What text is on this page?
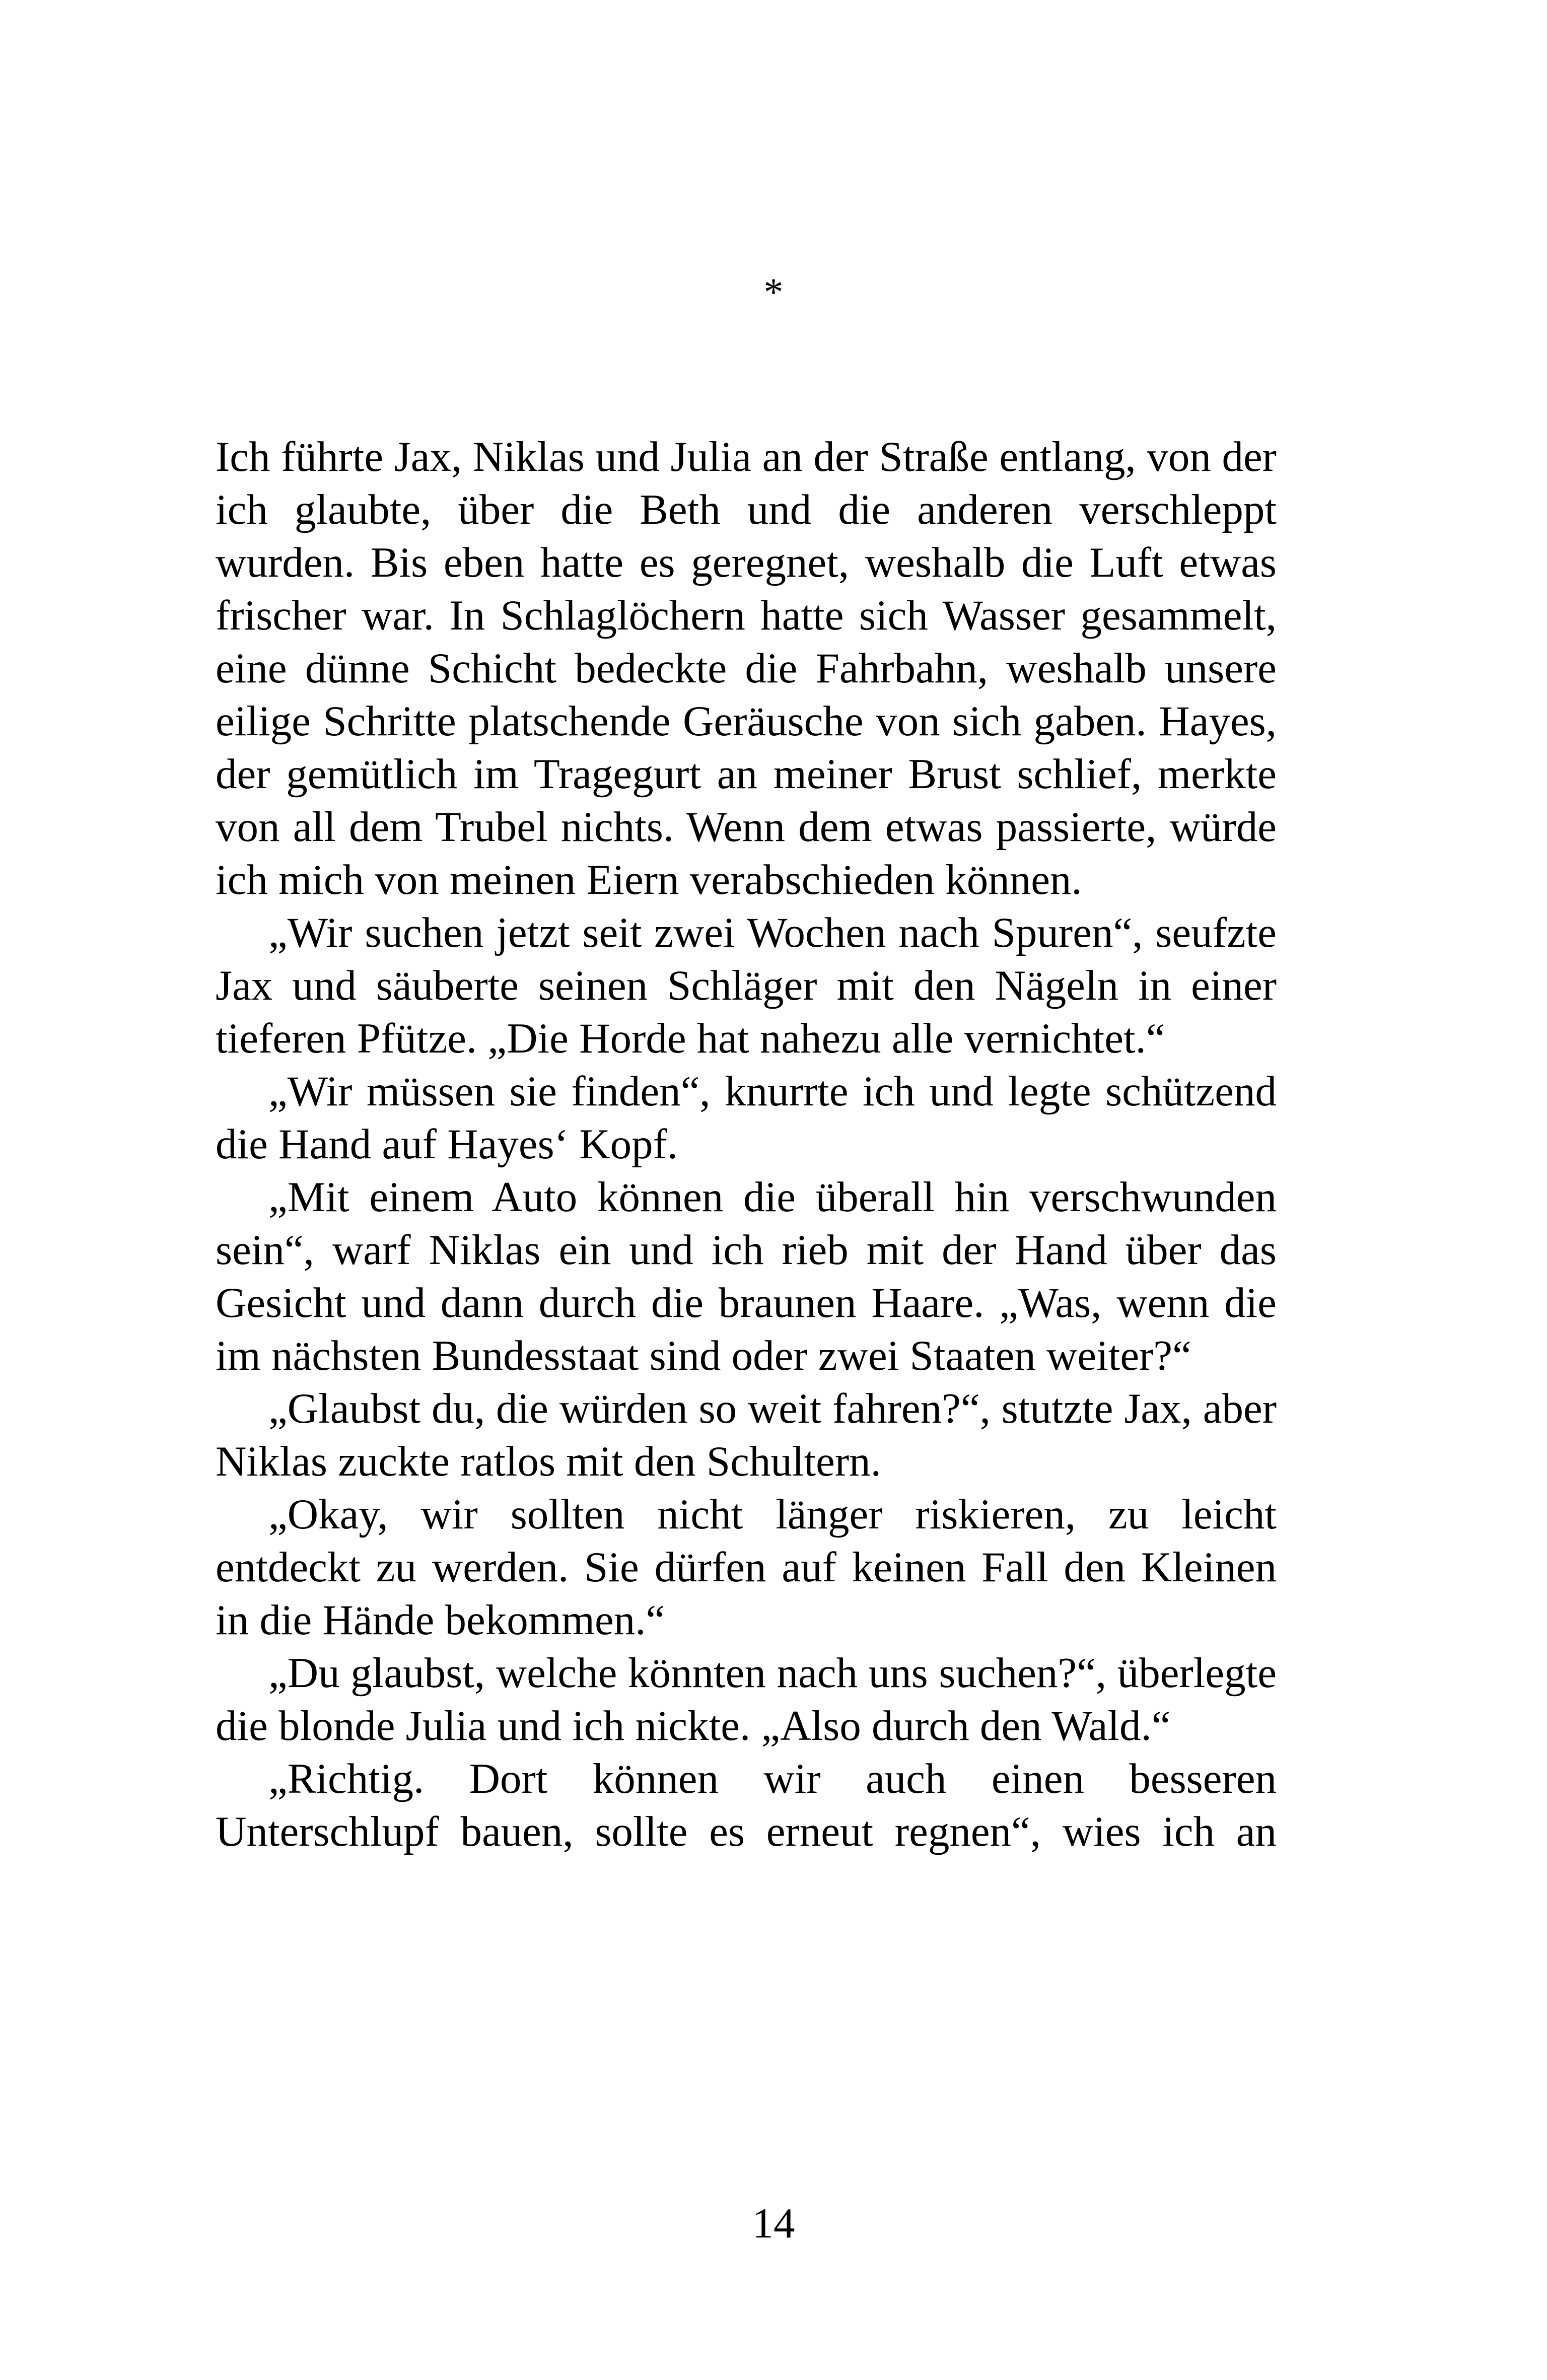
*

Ich führte Jax, Niklas und Julia an der Straße entlang, von der ich glaubte, über die Beth und die anderen verschleppt wurden. Bis eben hatte es geregnet, weshalb die Luft etwas frischer war. In Schlaglöchern hatte sich Wasser gesammelt, eine dünne Schicht bedeckte die Fahrbahn, weshalb unsere eilige Schritte platschende Geräusche von sich gaben. Hayes, der gemütlich im Tragegurt an meiner Brust schlief, merkte von all dem Trubel nichts. Wenn dem etwas passierte, würde ich mich von meinen Eiern verabschieden können.

„Wir suchen jetzt seit zwei Wochen nach Spuren“, seufzte Jax und säuberte seinen Schläger mit den Nägeln in einer tieferen Pfütze. „Die Horde hat nahezu alle vernichtet.“

„Wir müssen sie finden“, knurrte ich und legte schützend die Hand auf Hayes‘ Kopf.

„Mit einem Auto können die überall hin verschwunden sein“, warf Niklas ein und ich rieb mit der Hand über das Gesicht und dann durch die braunen Haare. „Was, wenn die im nächsten Bundesstaat sind oder zwei Staaten weiter?“

„Glaubst du, die würden so weit fahren?“, stutzte Jax, aber Niklas zuckte ratlos mit den Schultern.

„Okay, wir sollten nicht länger riskieren, zu leicht entdeckt zu werden. Sie dürfen auf keinen Fall den Kleinen in die Hände bekommen.“

„Du glaubst, welche könnten nach uns suchen?“, überlegte die blonde Julia und ich nickte. „Also durch den Wald.“

„Richtig. Dort können wir auch einen besseren Unterschlupf bauen, sollte es erneut regnen“, wies ich an

14
